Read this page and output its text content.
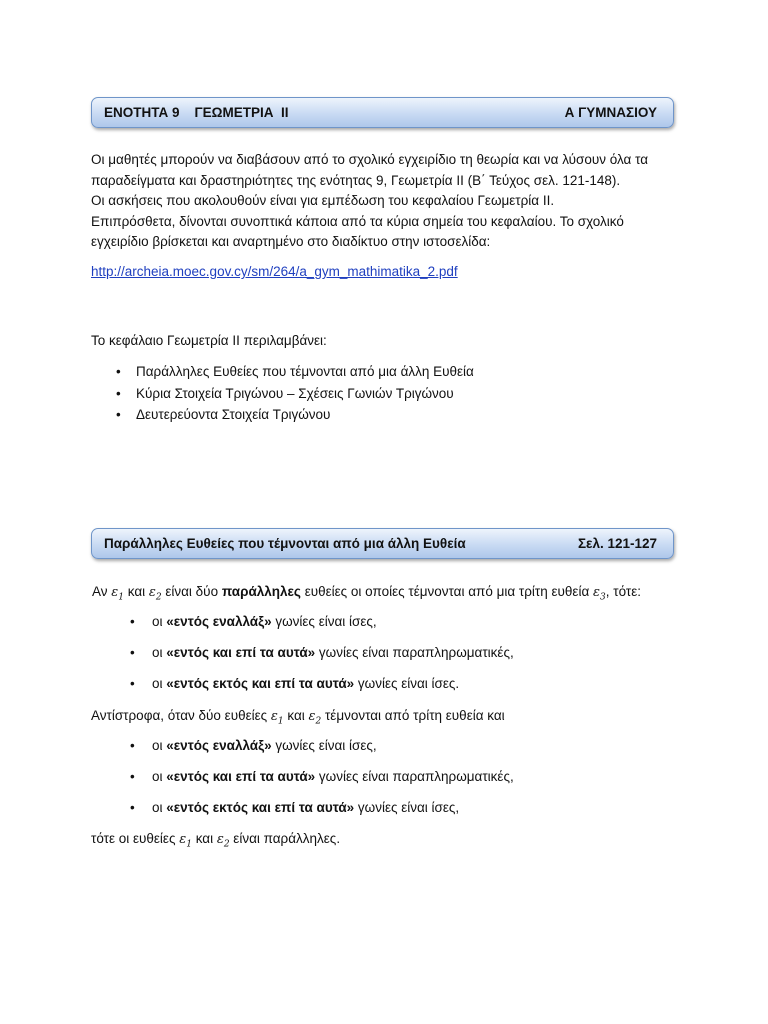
ΕΝΟΤΗΤΑ 9    ΓΕΩΜΕΤΡΙΑ  ΙΙ	Α ΓΥΜΝΑΣΙΟΥ
Οι μαθητές μπορούν να διαβάσουν από το σχολικό εγχειρίδιο τη θεωρία και να λύσουν όλα τα
παραδείγματα και δραστηριότητες της ενότητας 9, Γεωμετρία ΙΙ (Β΄ Τεύχος σελ. 121-148).
Οι ασκήσεις που ακολουθούν είναι για εμπέδωση του κεφαλαίου Γεωμετρία ΙΙ.
Επιπρόσθετα, δίνονται συνοπτικά κάποια από τα κύρια σημεία του κεφαλαίου. Το σχολικό
εγχειρίδιο βρίσκεται και αναρτημένο στο διαδίκτυο στην ιστοσελίδα:
http://archeia.moec.gov.cy/sm/264/a_gym_mathimatika_2.pdf
Το κεφάλαιο Γεωμετρία ΙΙ περιλαμβάνει:
• Παράλληλες Ευθείες που τέμνονται από μια άλλη Ευθεία
• Κύρια Στοιχεία Τριγώνου – Σχέσεις Γωνιών Τριγώνου
• Δευτερεύοντα Στοιχεία Τριγώνου
Παράλληλες Ευθείες που τέμνονται από μια άλλη Ευθεία	Σελ. 121-127
Αν $\varepsilon_1$ και $\varepsilon_2$ είναι δύο παράλληλες ευθείες οι οποίες τέμνονται από μια τρίτη ευθεία $\varepsilon_3$, τότε:
• οι «εντός εναλλάξ» γωνίες είναι ίσες,
• οι «εντός και επί τα αυτά» γωνίες είναι παραπληρωματικές,
• οι «εντός εκτός και επί τα αυτά» γωνίες είναι ίσες.
Αντίστροφα, όταν δύο ευθείες $\varepsilon_1$ και $\varepsilon_2$ τέμνονται από τρίτη ευθεία και
• οι «εντός εναλλάξ» γωνίες είναι ίσες,
• οι «εντός και επί τα αυτά» γωνίες είναι παραπληρωματικές,
• οι «εντός εκτός και επί τα αυτά» γωνίες είναι ίσες,
τότε οι ευθείες $\varepsilon_1$ και $\varepsilon_2$ είναι παράλληλες.
